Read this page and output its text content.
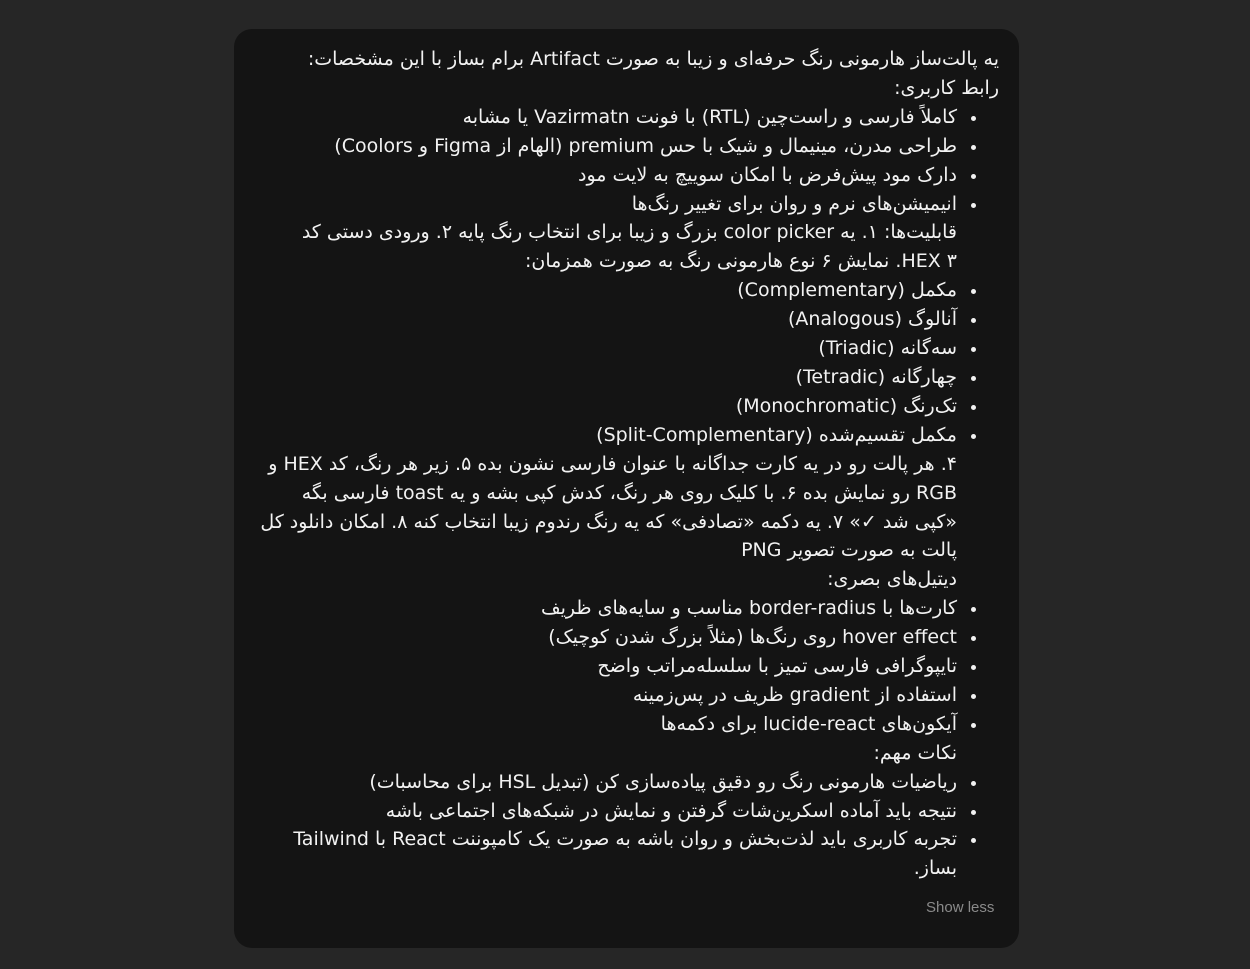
یه پالت‌ساز هارمونی رنگ حرفه‌ای و زیبا به صورت Artifact برام بساز با این مشخصات:

رابط کاربری:

کاملاً فارسی و راست‌چین (RTL) با فونت Vazirmatn یا مشابه
طراحی مدرن، مینیمال و شیک با حس premium (الهام از Figma و Coolors)
دارک مود پیش‌فرض با امکان سوییچ به لایت مود
انیمیشن‌های نرم و روان برای تغییر رنگ‌ها

قابلیت‌ها: ۱. یه color picker بزرگ و زیبا برای انتخاب رنگ پایه ۲. ورودی دستی کد HEX ۳. نمایش ۶ نوع هارمونی رنگ به صورت همزمان:

مکمل (Complementary)
آنالوگ (Analogous)
سه‌گانه (Triadic)
چهارگانه (Tetradic)
تک‌رنگ (Monochromatic)
مکمل تقسیم‌شده (Split-Complementary)

۴. هر پالت رو در یه کارت جداگانه با عنوان فارسی نشون بده ۵. زیر هر رنگ، کد HEX و RGB رو نمایش بده ۶. با کلیک روی هر رنگ، کدش کپی بشه و یه toast فارسی بگه «کپی شد ✓» ۷. یه دکمه «تصادفی» که یه رنگ رندوم زیبا انتخاب کنه ۸. امکان دانلود کل پالت به صورت تصویر PNG

دیتیل‌های بصری:

کارت‌ها با border-radius مناسب و سایه‌های ظریف
hover effect روی رنگ‌ها (مثلاً بزرگ شدن کوچیک)
تایپوگرافی فارسی تمیز با سلسله‌مراتب واضح
استفاده از gradient ظریف در پس‌زمینه
آیکون‌های lucide-react برای دکمه‌ها

نکات مهم:

ریاضیات هارمونی رنگ رو دقیق پیاده‌سازی کن (تبدیل HSL برای محاسبات)
نتیجه باید آماده اسکرین‌شات گرفتن و نمایش در شبکه‌های اجتماعی باشه
تجربه کاربری باید لذت‌بخش و روان باشه به صورت یک کامپوننت React با Tailwind بساز.
Show less
